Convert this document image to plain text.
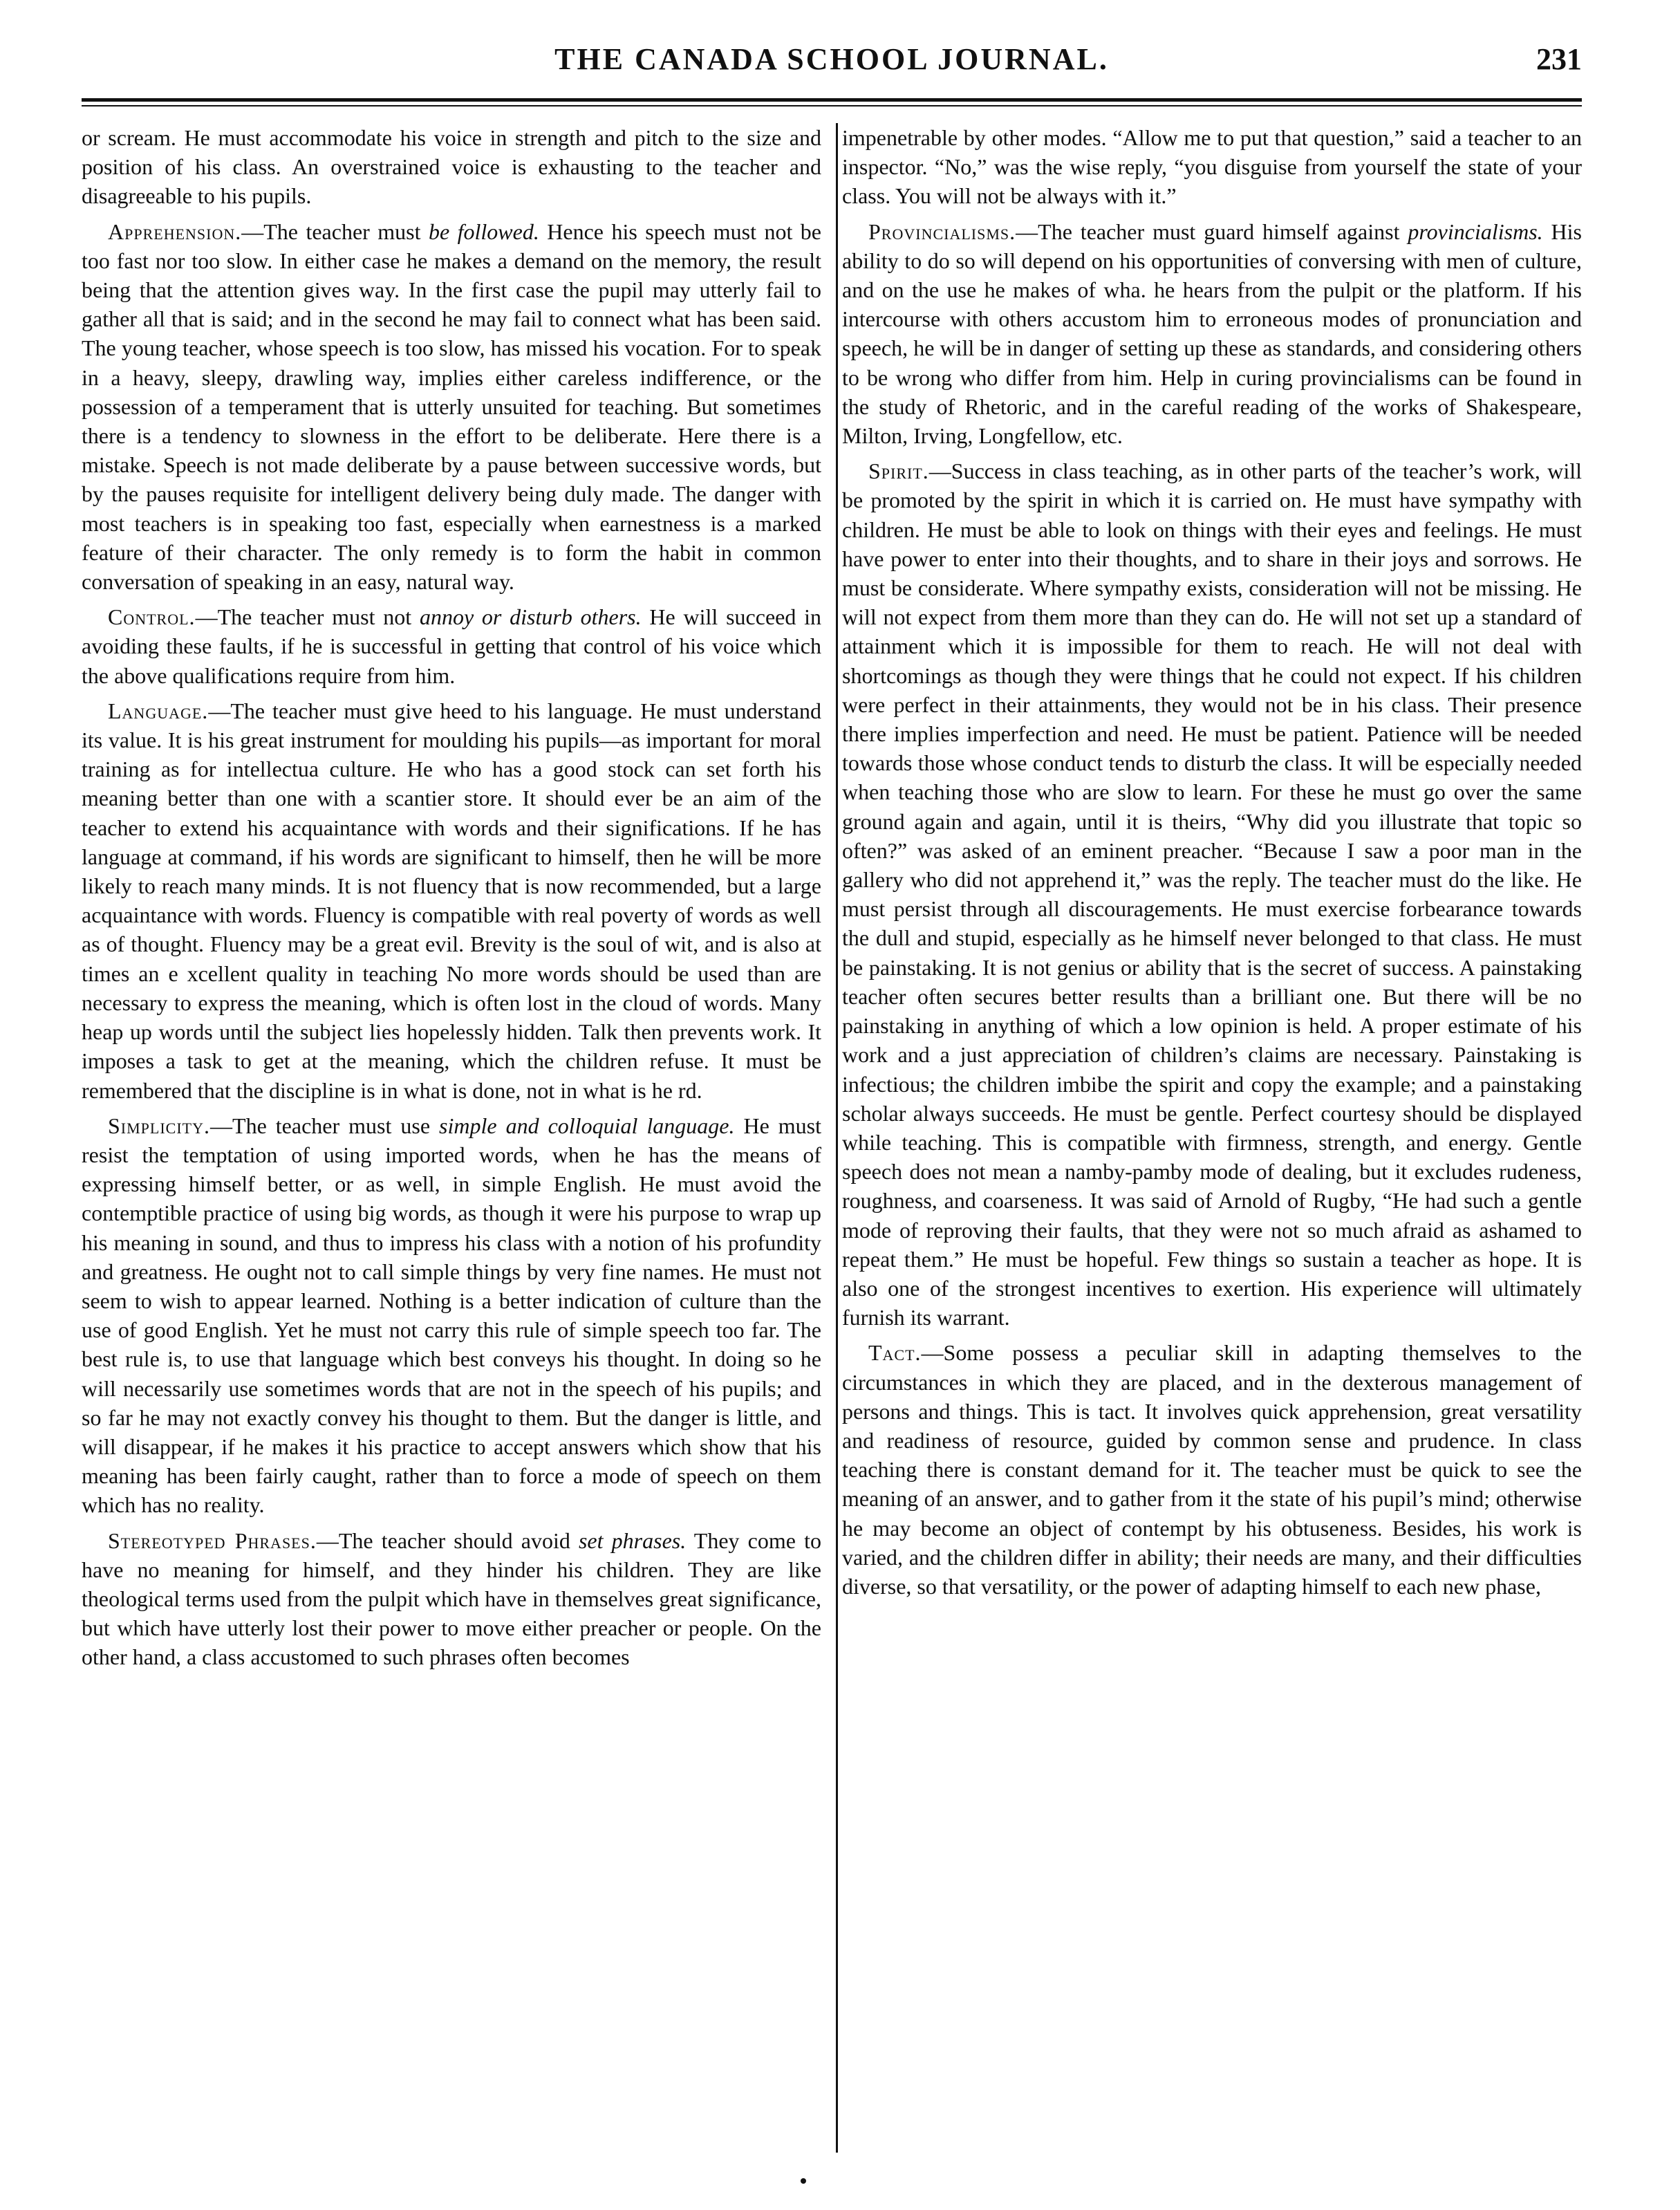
THE CANADA SCHOOL JOURNAL.	231

or scream. He must accommodate his voice in strength and pitch to the size and position of his class. An overstrained voice is exhausting to the teacher and disagreeable to his pupils.

Apprehension.—The teacher must be followed. Hence his speech must not be too fast nor too slow. In either case he makes a demand on the memory, the result being that the attention gives way. In the first case the pupil may utterly fail to gather all that is said; and in the second he may fail to connect what has been said. The young teacher, whose speech is too slow, has missed his vocation. For to speak in a heavy, sleepy, drawling way, implies either careless indifference, or the possession of a temperament that is utterly unsuited for teaching. But sometimes there is a tendency to slowness in the effort to be deliberate. Here there is a mistake. Speech is not made deliberate by a pause between successive words, but by the pauses requisite for intelligent delivery being duly made. The danger with most teachers is in speaking too fast, especially when earnestness is a marked feature of their character. The only remedy is to form the habit in common conversation of speaking in an easy, natural way.

Control.—The teacher must not annoy or disturb others. He will succeed in avoiding these faults, if he is successful in getting that control of his voice which the above qualifications require from him.

Language.—The teacher must give heed to his language. He must understand its value. It is his great instrument for moulding his pupils—as important for moral training as for intellectua culture. He who has a good stock can set forth his meaning better than one with a scantier store. It should ever be an aim of the teacher to extend his acquaintance with words and their significations. If he has language at command, if his words are significant to himself, then he will be more likely to reach many minds. It is not fluency that is now recommended, but a large acquaintance with words. Fluency is compatible with real poverty of words as well as of thought. Fluency may be a great evil. Brevity is the soul of wit, and is also at times an e xcellent quality in teaching No more words should be used than are necessary to express the meaning, which is often lost in the cloud of words. Many heap up words until the subject lies hopelessly hidden. Talk then prevents work. It imposes a task to get at the meaning, which the children refuse. It must be remembered that the discipline is in what is done, not in what is he rd.

Simplicity.—The teacher must use simple and colloquial language. He must resist the temptation of using imported words, when he has the means of expressing himself better, or as well, in simple English. He must avoid the contemptible practice of using big words, as though it were his purpose to wrap up his meaning in sound, and thus to impress his class with a notion of his profundity and greatness. He ought not to call simple things by very fine names. He must not seem to wish to appear learned. Nothing is a better indication of culture than the use of good English. Yet he must not carry this rule of simple speech too far. The best rule is, to use that language which best conveys his thought. In doing so he will necessarily use sometimes words that are not in the speech of his pupils; and so far he may not exactly convey his thought to them. But the danger is little, and will disappear, if he makes it his practice to accept answers which show that his meaning has been fairly caught, rather than to force a mode of speech on them which has no reality.

Stereotyped Phrases.—The teacher should avoid set phrases. They come to have no meaning for himself, and they hinder his children. They are like theological terms used from the pulpit which have in themselves great significance, but which have utterly lost their power to move either preacher or people. On the other hand, a class accustomed to such phrases often becomes

impenetrable by other modes. “Allow me to put that question,” said a teacher to an inspector. “No,” was the wise reply, “you disguise from yourself the state of your class. You will not be always with it.”

Provincialisms.—The teacher must guard himself against provincialisms. His ability to do so will depend on his opportunities of conversing with men of culture, and on the use he makes of wha. he hears from the pulpit or the platform. If his intercourse with others accustom him to erroneous modes of pronunciation and speech, he will be in danger of setting up these as standards, and considering others to be wrong who differ from him. Help in curing provincialisms can be found in the study of Rhetoric, and in the careful reading of the works of Shakespeare, Milton, Irving, Longfellow, etc.

Spirit.—Success in class teaching, as in other parts of the teacher’s work, will be promoted by the spirit in which it is carried on. He must have sympathy with children. He must be able to look on things with their eyes and feelings. He must have power to enter into their thoughts, and to share in their joys and sorrows. He must be considerate. Where sympathy exists, consideration will not be missing. He will not expect from them more than they can do. He will not set up a standard of attainment which it is impossible for them to reach. He will not deal with shortcomings as though they were things that he could not expect. If his children were perfect in their attainments, they would not be in his class. Their presence there implies imperfection and need. He must be patient. Patience will be needed towards those whose conduct tends to disturb the class. It will be especially needed when teaching those who are slow to learn. For these he must go over the same ground again and again, until it is theirs, “Why did you illustrate that topic so often?” was asked of an eminent preacher. “Because I saw a poor man in the gallery who did not apprehend it,” was the reply. The teacher must do the like. He must persist through all discouragements. He must exercise forbearance towards the dull and stupid, especially as he himself never belonged to that class. He must be painstaking. It is not genius or ability that is the secret of success. A painstaking teacher often secures better results than a brilliant one. But there will be no painstaking in anything of which a low opinion is held. A proper estimate of his work and a just appreciation of children’s claims are necessary. Painstaking is infectious; the children imbibe the spirit and copy the example; and a painstaking scholar always succeeds. He must be gentle. Perfect courtesy should be displayed while teaching. This is compatible with firmness, strength, and energy. Gentle speech does not mean a namby-pamby mode of dealing, but it excludes rudeness, roughness, and coarseness. It was said of Arnold of Rugby, “He had such a gentle mode of reproving their faults, that they were not so much afraid as ashamed to repeat them.” He must be hopeful. Few things so sustain a teacher as hope. It is also one of the strongest incentives to exertion. His experience will ultimately furnish its warrant.

Tact.—Some possess a peculiar skill in adapting themselves to the circumstances in which they are placed, and in the dexterous management of persons and things. This is tact. It involves quick apprehension, great versatility and readiness of resource, guided by common sense and prudence. In class teaching there is constant demand for it. The teacher must be quick to see the meaning of an answer, and to gather from it the state of his pupil’s mind; otherwise he may become an object of contempt by his obtuseness. Besides, his work is varied, and the children differ in ability; their needs are many, and their difficulties diverse, so that versatility, or the power of adapting himself to each new phase,
